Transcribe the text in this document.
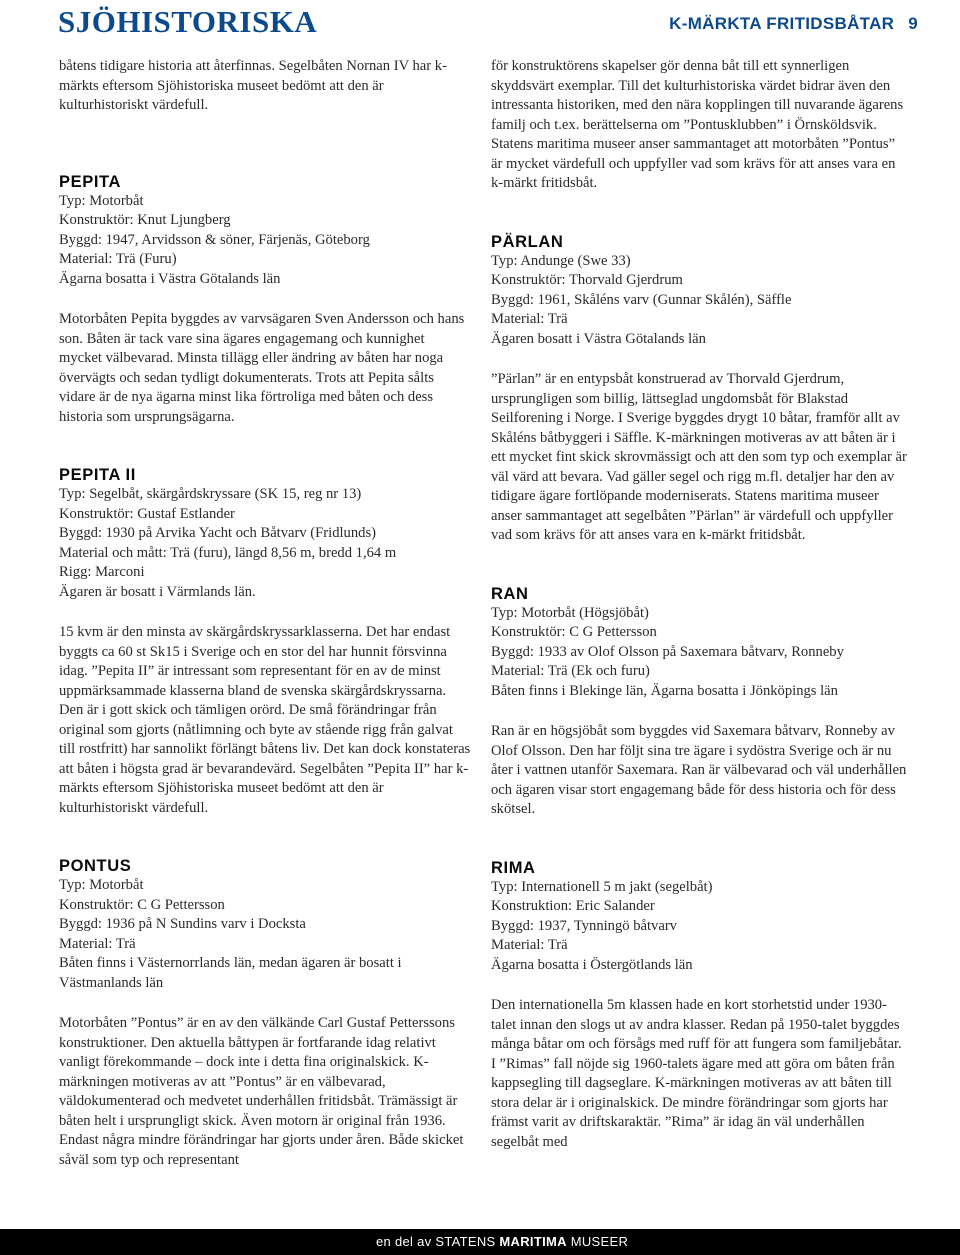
SJÖHISTORISKA	K-MÄRKTA FRITIDSBÅTAR 9

båtens tidigare historia att återfinnas. Segelbåten Nornan IV har k-märkts eftersom Sjöhistoriska museet bedömt att den är kulturhistoriskt värdefull.

PEPITA
Typ: Motorbåt
Konstruktör: Knut Ljungberg
Byggd: 1947, Arvidsson & söner, Färjenäs, Göteborg
Material: Trä (Furu)
Ägarna bosatta i Västra Götalands län

Motorbåten Pepita byggdes av varvsägaren Sven Andersson och hans son. Båten är tack vare sina ägares engagemang och kunnighet mycket välbevarad. Minsta tillägg eller ändring av båten har noga övervägts och sedan tydligt dokumenterats. Trots att Pepita sålts vidare är de nya ägarna minst lika förtroliga med båten och dess historia som ursprungsägarna.

PEPITA II
Typ: Segelbåt, skärgårdskryssare (SK 15, reg nr 13)
Konstruktör: Gustaf Estlander
Byggd: 1930 på Arvika Yacht och Båtvarv (Fridlunds)
Material och mått: Trä (furu), längd 8,56 m, bredd 1,64 m
Rigg: Marconi
Ägaren är bosatt i Värmlands län.

15 kvm är den minsta av skärgårdskryssarklasserna. Det har endast byggts ca 60 st Sk15 i Sverige och en stor del har hunnit försvinna idag. ”Pepita II” är intressant som representant för en av de minst uppmärksammade klasserna bland de svenska skärgårdskryssarna. Den är i gott skick och tämligen orörd. De små förändringar från original som gjorts (nåtlimning och byte av stående rigg från galvat till rostfritt) har sannolikt förlängt båtens liv. Det kan dock konstateras att båten i högsta grad är bevarandevärd. Segelbåten ”Pepita II” har k-märkts eftersom Sjöhistoriska museet bedömt att den är kulturhistoriskt värdefull.

PONTUS
Typ: Motorbåt
Konstruktör: C G Pettersson
Byggd: 1936 på N Sundins varv i Docksta
Material: Trä
Båten finns i Västernorrlands län, medan ägaren är bosatt i Västmanlands län

Motorbåten ”Pontus” är en av den välkände Carl Gustaf Petterssons konstruktioner. Den aktuella båttypen är fortfarande idag relativt vanligt förekommande – dock inte i detta fina originalskick. K-märkningen motiveras av att ”Pontus” är en välbevarad, väldokumenterad och medvetet underhållen fritidsbåt. Trämässigt är båten helt i ursprungligt skick. Även motorn är original från 1936. Endast några mindre förändringar har gjorts under åren. Både skicket såväl som typ och representant

för konstruktörens skapelser gör denna båt till ett synnerligen skyddsvärt exemplar. Till det kulturhistoriska värdet bidrar även den intressanta historiken, med den nära kopplingen till nuvarande ägarens familj och t.ex. berättelserna om ”Pontusklubben” i Örnsköldsvik. Statens maritima museer anser sammantaget att motorbåten ”Pontus” är mycket värdefull och uppfyller vad som krävs för att anses vara en k-märkt fritidsbåt.

PÄRLAN
Typ: Andunge (Swe 33)
Konstruktör: Thorvald Gjerdrum
Byggd: 1961, Skåléns varv (Gunnar Skålén), Säffle
Material: Trä
Ägaren bosatt i Västra Götalands län

”Pärlan” är en entypsbåt konstruerad av Thorvald Gjerdrum, ursprungligen som billig, lättseglad ungdomsbåt för Blakstad Seilforening i Norge. I Sverige byggdes drygt 10 båtar, framför allt av Skåléns båtbyggeri i Säffle. K-märkningen motiveras av att båten är i ett mycket fint skick skrovmässigt och att den som typ och exemplar är väl värd att bevara. Vad gäller segel och rigg m.fl. detaljer har den av tidigare ägare fortlöpande moderniserats. Statens maritima museer anser sammantaget att segelbåten ”Pärlan” är värdefull och uppfyller vad som krävs för att anses vara en k-märkt fritidsbåt.

RAN
Typ: Motorbåt (Högsjöbåt)
Konstruktör: C G Pettersson
Byggd: 1933 av Olof Olsson på Saxemara båtvarv, Ronneby
Material: Trä (Ek och furu)
Båten finns i Blekinge län, Ägarna bosatta i Jönköpings län

Ran är en högsjöbåt som byggdes vid Saxemara båtvarv, Ronneby av Olof Olsson. Den har följt sina tre ägare i sydöstra Sverige och är nu åter i vattnen utanför Saxemara. Ran är välbevarad och väl underhållen och ägaren visar stort engagemang både för dess historia och för dess skötsel.

RIMA
Typ: Internationell 5 m jakt (segelbåt)
Konstruktion: Eric Salander
Byggd: 1937, Tynningö båtvarv
Material: Trä
Ägarna bosatta i Östergötlands län

Den internationella 5m klassen hade en kort storhetstid under 1930-talet innan den slogs ut av andra klasser. Redan på 1950-talet byggdes många båtar om och försågs med ruff för att fungera som familjebåtar. I ”Rimas” fall nöjde sig 1960-talets ägare med att göra om båten från kappsegling till dagseglare. K-märkningen motiveras av att båten till stora delar är i originalskick. De mindre förändringar som gjorts har främst varit av driftskaraktär. ”Rima” är idag än väl underhållen segelbåt med

en del av STATENS MARITIMA MUSEER
